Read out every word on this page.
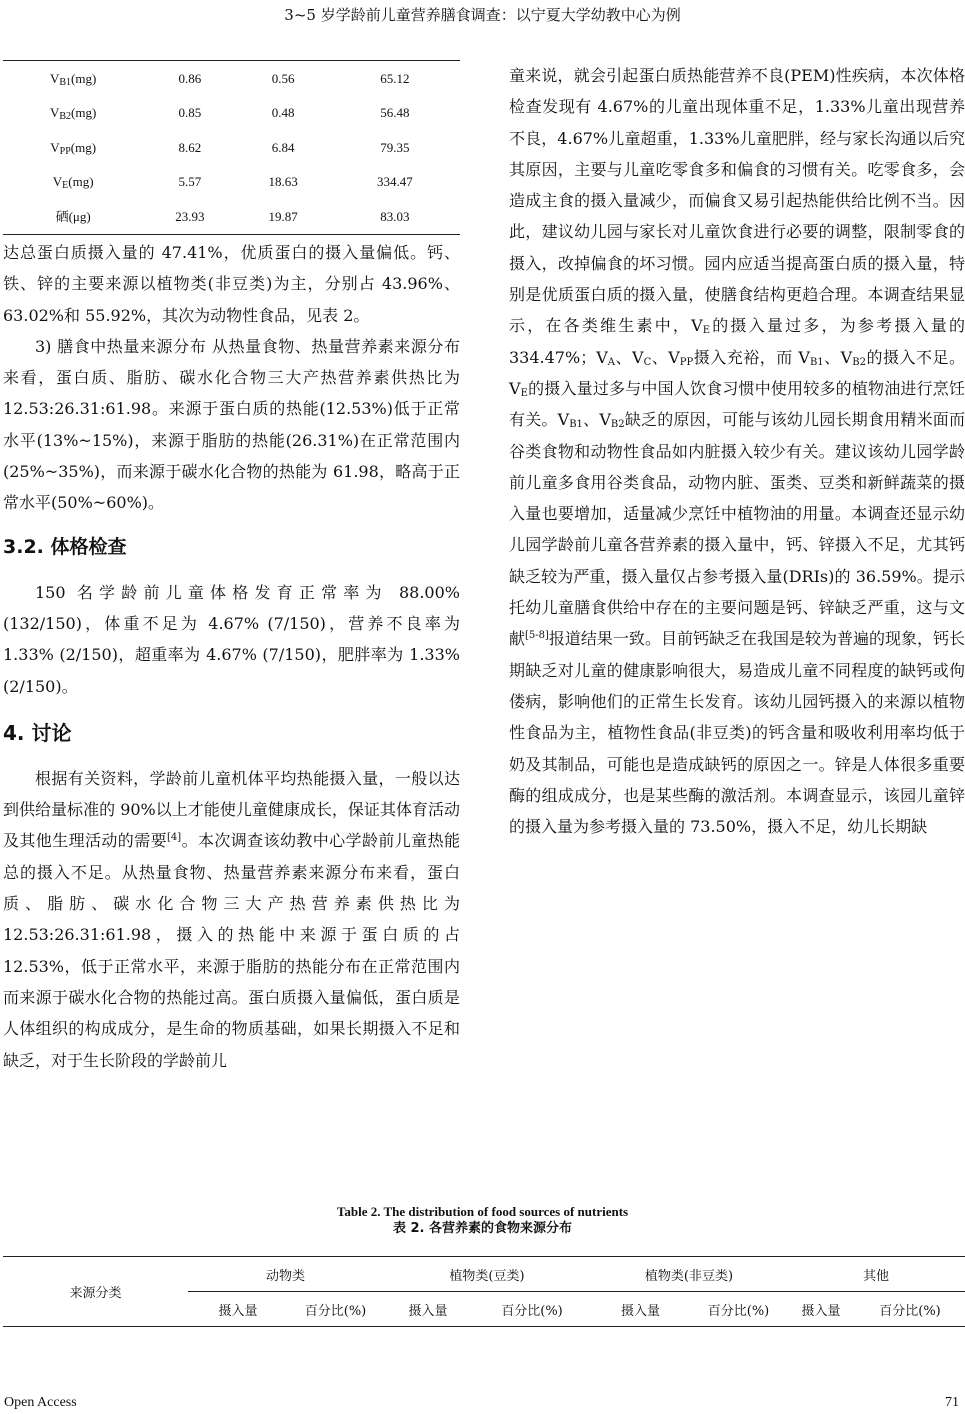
3~5 岁学龄前儿童营养膳食调查：以宁夏大学幼教中心为例
$V_{B1}(mg)$	0.86	0.56	65.12
$V_{B2}(mg)$	0.85	0.48	56.48
$V_{PP}(mg)$	8.62	6.84	79.35
$V_E(mg)$	5.57	18.63	334.47
硒(μg)	23.93	19.87	83.03

达总蛋白质摄入量的 47.41%，优质蛋白的摄入量偏低。钙、铁、锌的主要来源以植物类(非豆类)为主，分别占 43.96%、63.02%和 55.92%，其次为动物性食品，见表 2。

3) 膳食中热量来源分布 从热量食物、热量营养素来源分布来看，蛋白质、脂肪、碳水化合物三大产热营养素供热比为 12.53:26.31:61.98。来源于蛋白质的热能(12.53%)低于正常水平(13%~15%)，来源于脂肪的热能(26.31%)在正常范围内(25%~35%)，而来源于碳水化合物的热能为 61.98，略高于正常水平(50%~60%)。

3.2. 体格检查

150 名学龄前儿童体格发育正常率为 88.00% (132/150)，体重不足为 4.67% (7/150)，营养不良率为 1.33% (2/150)，超重率为 4.67% (7/150)，肥胖率为 1.33% (2/150)。

4. 讨论

根据有关资料，学龄前儿童机体平均热能摄入量，一般以达到供给量标准的 90%以上才能使儿童健康成长，保证其体育活动及其他生理活动的需要[4]。本次调查该幼教中心学龄前儿童热能总的摄入不足。从热量食物、热量营养素来源分布来看，蛋白质、脂肪、碳水化合物三大产热营养素供热比为 12.53:26.31:61.98，摄入的热能中来源于蛋白质的占 12.53%，低于正常水平，来源于脂肪的热能分布在正常范围内而来源于碳水化合物的热能过高。蛋白质摄入量偏低，蛋白质是人体组织的构成成分，是生命的物质基础，如果长期摄入不足和缺乏，对于生长阶段的学龄前儿

童来说，就会引起蛋白质热能营养不良(PEM)性疾病，本次体格检查发现有 4.67%的儿童出现体重不足，1.33%儿童出现营养不良，4.67%儿童超重，1.33%儿童肥胖，经与家长沟通以后究其原因，主要与儿童吃零食多和偏食的习惯有关。吃零食多，会造成主食的摄入量减少，而偏食又易引起热能供给比例不当。因此，建议幼儿园与家长对儿童饮食进行必要的调整，限制零食的摄入，改掉偏食的坏习惯。园内应适当提高蛋白质的摄入量，特别是优质蛋白质的摄入量，使膳食结构更趋合理。本调查结果显示，在各类维生素中，$V_E$的摄入量过多，为参考摄入量的 334.47%；$V_A$、$V_C$、$V_{PP}$摄入充裕，而 $V_{B1}$、$V_{B2}$的摄入不足。$V_E$的摄入量过多与中国人饮食习惯中使用较多的植物油进行烹饪有关。$V_{B1}$、$V_{B2}$缺乏的原因，可能与该幼儿园长期食用精米面而谷类食物和动物性食品如内脏摄入较少有关。建议该幼儿园学龄前儿童多食用谷类食品，动物内脏、蛋类、豆类和新鲜蔬菜的摄入量也要增加，适量减少烹饪中植物油的用量。本调查还显示幼儿园学龄前儿童各营养素的摄入量中，钙、锌摄入不足，尤其钙缺乏较为严重，摄入量仅占参考摄入量(DRIs)的 36.59%。提示托幼儿童膳食供给中存在的主要问题是钙、锌缺乏严重，这与文献[5-8]报道结果一致。目前钙缺乏在我国是较为普遍的现象，钙长期缺乏对儿童的健康影响很大，易造成儿童不同程度的缺钙或佝偻病，影响他们的正常生长发育。该幼儿园钙摄入的来源以植物性食品为主，植物性食品(非豆类)的钙含量和吸收利用率均低于奶及其制品，可能也是造成缺钙的原因之一。锌是人体很多重要酶的组成成分，也是某些酶的激活剂。本调查显示，该园儿童锌的摄入量为参考摄入量的 73.50%，摄入不足，幼儿长期缺

Table 2. The distribution of food sources of nutrients
表 2. 各营养素的食物来源分布
来源分类	动物类		植物类(豆类)		植物类(非豆类)		其他	
	摄入量	百分比(%)	摄入量	百分比(%)	摄入量	百分比(%)	摄入量	百分比(%)
Open Access	71
